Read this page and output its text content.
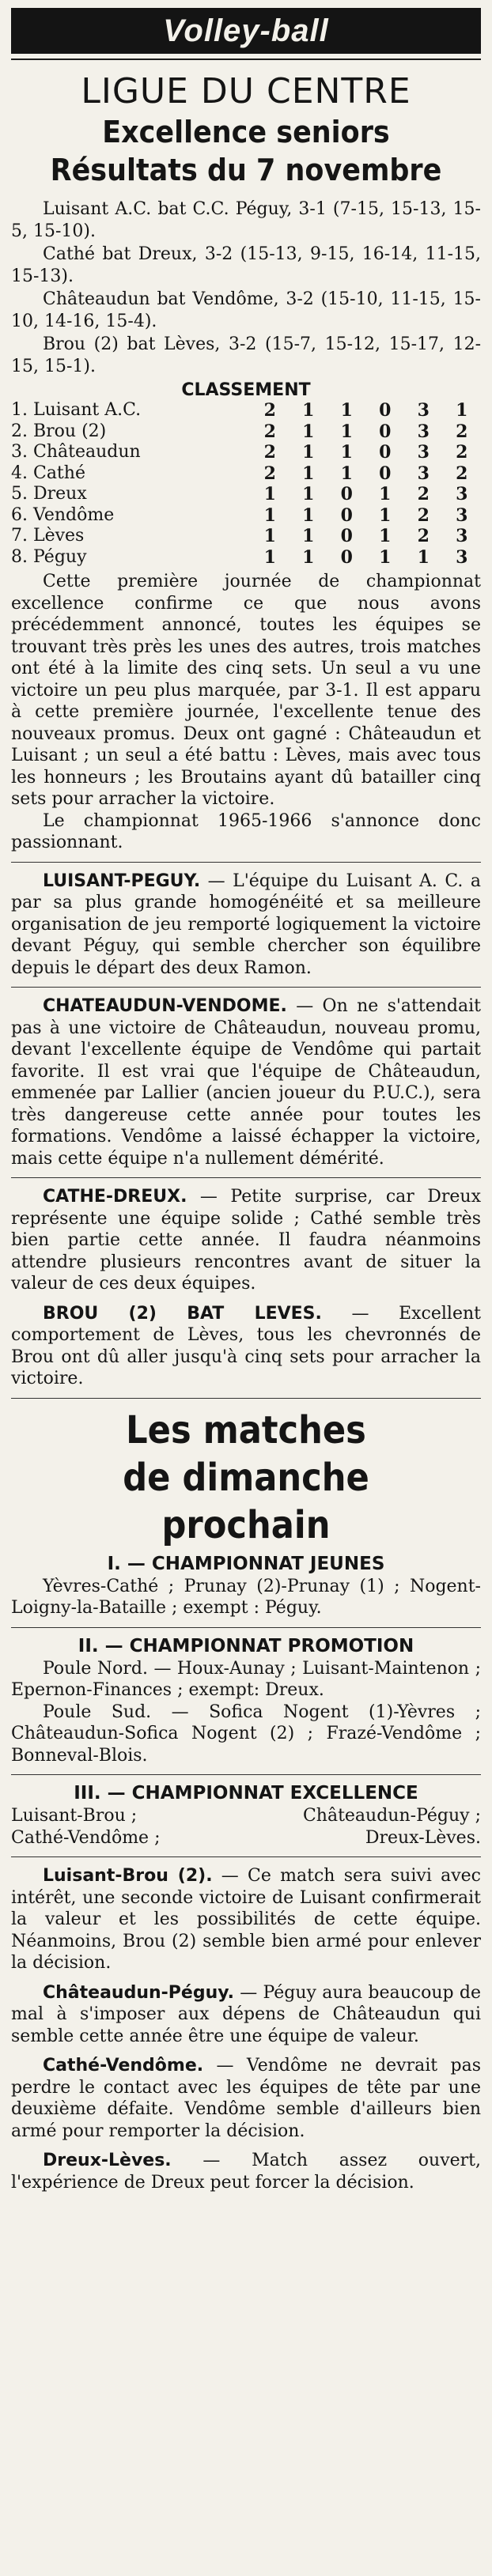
Volley-ball
LIGUE DU CENTRE
Excellence seniors
Résultats du 7 novembre

Luisant A.C. bat C.C. Péguy, 3-1 (7-15, 15-13, 15-5, 15-10).

Cathé bat Dreux, 3-2 (15-13, 9-15, 16-14, 11-15, 15-13).

Châteaudun bat Vendôme, 3-2 (15-10, 11-15, 15-10, 14-16, 15-4).

Brou (2) bat Lèves, 3-2 (15-7, 15-12, 15-17, 12-15, 15-1).

CLASSEMENT
1. Luisant A.C.	2	1	1	0	3	1
2. Brou (2)	2	1	1	0	3	2
3. Châteaudun	2	1	1	0	3	2
4. Cathé	2	1	1	0	3	2
5. Dreux	1	1	0	1	2	3
6. Vendôme	1	1	0	1	2	3
7. Lèves	1	1	0	1	2	3
8. Péguy	1	1	0	1	1	3

Cette première journée de championnat excellence confirme ce que nous avons précédemment annoncé, toutes les équipes se trouvant très près les unes des autres, trois matches ont été à la limite des cinq sets. Un seul a vu une victoire un peu plus marquée, par 3-1. Il est apparu à cette première journée, l'excellente tenue des nouveaux promus. Deux ont gagné : Châteaudun et Luisant ; un seul a été battu : Lèves, mais avec tous les honneurs ; les Broutains ayant dû batailler cinq sets pour arracher la victoire.

Le championnat 1965-1966 s'annonce donc passionnant.

LUISANT-PEGUY. — L'équipe du Luisant A. C. a par sa plus grande homogénéité et sa meilleure organisation de jeu remporté logiquement la victoire devant Péguy, qui semble chercher son équilibre depuis le départ des deux Ramon.

CHATEAUDUN-VENDOME. — On ne s'attendait pas à une victoire de Châteaudun, nouveau promu, devant l'excellente équipe de Vendôme qui partait favorite. Il est vrai que l'équipe de Châteaudun, emmenée par Lallier (ancien joueur du P.U.C.), sera très dangereuse cette année pour toutes les formations. Vendôme a laissé échapper la victoire, mais cette équipe n'a nullement démérité.

CATHE-DREUX. — Petite surprise, car Dreux représente une équipe solide ; Cathé semble très bien partie cette année. Il faudra néanmoins attendre plusieurs rencontres avant de situer la valeur de ces deux équipes.

BROU (2) BAT LEVES. — Excellent comportement de Lèves, tous les chevronnés de Brou ont dû aller jusqu'à cinq sets pour arracher la victoire.

Les matches
de dimanche prochain
I. — CHAMPIONNAT JEUNES

Yèvres-Cathé ; Prunay (2)-Prunay (1) ; Nogent-Loigny-la-Bataille ; exempt : Péguy.

II. — CHAMPIONNAT PROMOTION

Poule Nord. — Houx-Aunay ; Luisant-Maintenon ; Epernon-Finances ; exempt: Dreux.

Poule Sud. — Sofica Nogent (1)-Yèvres ; Châteaudun-Sofica Nogent (2) ; Frazé-Vendôme ; Bonneval-Blois.

III. — CHAMPIONNAT EXCELLENCE
Luisant-Brou ;	Châteaudun-Péguy ;
Cathé-Vendôme ;	Dreux-Lèves.

Luisant-Brou (2). — Ce match sera suivi avec intérêt, une seconde victoire de Luisant confirmerait la valeur et les possibilités de cette équipe. Néanmoins, Brou (2) semble bien armé pour enlever la décision.

Châteaudun-Péguy. — Péguy aura beaucoup de mal à s'imposer aux dépens de Châteaudun qui semble cette année être une équipe de valeur.

Cathé-Vendôme. — Vendôme ne devrait pas perdre le contact avec les équipes de tête par une deuxième défaite. Vendôme semble d'ailleurs bien armé pour remporter la décision.

Dreux-Lèves. — Match assez ouvert, l'expérience de Dreux peut forcer la décision.
